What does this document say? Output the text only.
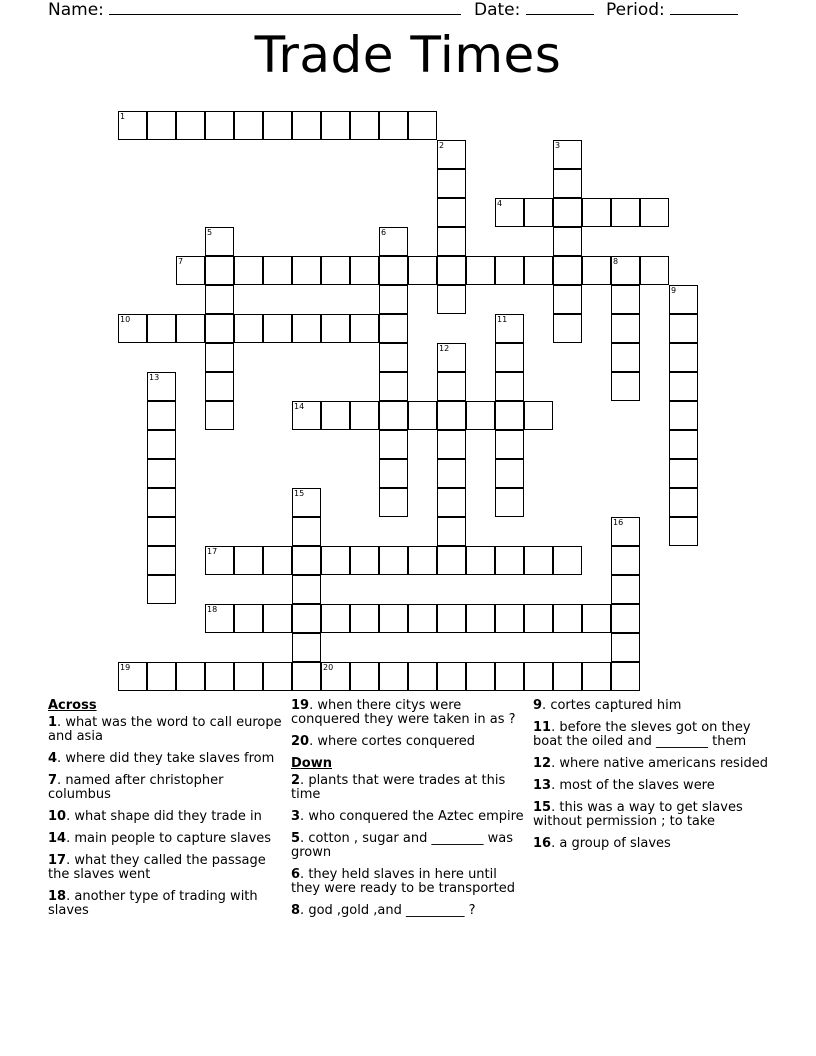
Name:	Date:	Period:
Trade Times
1
2	3
4
5	6
7	8
9
10	11
12
13
14
15
16
17
18
19	20
Across
1. what was the word to call europe and asia
4. where did they take slaves from
7. named after christopher columbus
10. what shape did they trade in
14. main people to capture slaves
17. what they called the passage the slaves went
18. another type of trading with slaves
19. when there citys were conquered they were taken in as ?
20. where cortes conquered
Down
2. plants that were trades at this time
3. who conquered the Aztec empire
5. cotton , sugar and ________ was grown
6. they held slaves in here until they were ready to be transported
8. god ,gold ,and _________ ?
9. cortes captured him
11. before the sleves got on they boat the oiled and ________ them
12. where native americans resided
13. most of the slaves were
15. this was a way to get slaves without permission ; to take
16. a group of slaves
